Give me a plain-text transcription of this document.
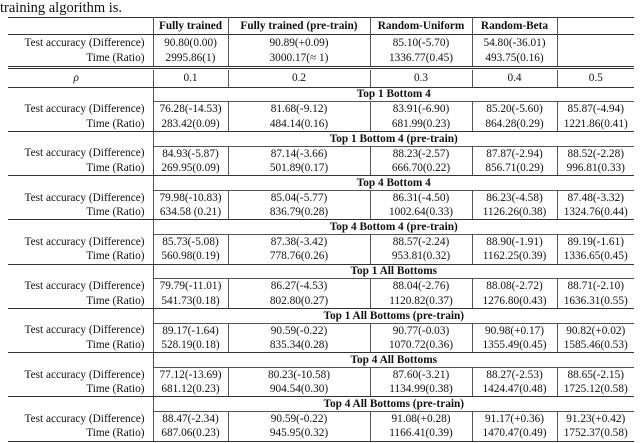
training algorithm is.
	Fully trained	Fully trained (pre-train)	Random-Uniform	Random-Beta	
Test accuracy (Difference)	90.80(0.00)	90.89(+0.09)	85.10(-5.70)	54.80(-36.01)	
Time (Ratio)	2995.86(1)	3000.17(≈ 1)	1336.77(0.45)	493.75(0.16)	
ρ	0.1	0.2	0.3	0.4	0.5
	Top 1 Bottom 4				
Test accuracy (Difference)	76.28(-14.53)	81.68(-9.12)	83.91(-6.90)	85.20(-5.60)	85.87(-4.94)
Time (Ratio)	283.42(0.09)	484.14(0.16)	681.99(0.23)	864.28(0.29)	1221.86(0.41)
	Top 1 Bottom 4 (pre-train)				
Test accuracy (Difference)	84.93(-5.87)	87.14(-3.66)	88.23(-2.57)	87.87(-2.94)	88.52(-2.28)
Time (Ratio)	269.95(0.09)	501.89(0.17)	666.70(0.22)	856.71(0.29)	996.81(0.33)
	Top 4 Bottom 4				
Test accuracy (Difference)	79.98(-10.83)	85.04(-5.77)	86.31(-4.50)	86.23(-4.58)	87.48(-3.32)
Time (Ratio)	634.58 (0.21)	836.79(0.28)	1002.64(0.33)	1126.26(0.38)	1324.76(0.44)
	Top 4 Bottom 4 (pre-train)				
Test accuracy (Difference)	85.73(-5.08)	87.38(-3.42)	88.57(-2.24)	88.90(-1.91)	89.19(-1.61)
Time (Ratio)	560.98(0.19)	778.76(0.26)	953.81(0.32)	1162.25(0.39)	1336.65(0.45)
	Top 1 All Bottoms				
Test accuracy (Difference)	79.79(-11.01)	86.27(-4.53)	88.04(-2.76)	88.08(-2.72)	88.71(-2.10)
Time (Ratio)	541.73(0.18)	802.80(0.27)	1120.82(0.37)	1276.80(0.43)	1636.31(0.55)
	Top 1 All Bottoms (pre-train)				
Test accuracy (Difference)	89.17(-1.64)	90.59(-0.22)	90.77(-0.03)	90.98(+0.17)	90.82(+0.02)
Time (Ratio)	528.19(0.18)	835.34(0.28)	1070.72(0.36)	1355.49(0.45)	1585.46(0.53)
	Top 4 All Bottoms				
Test accuracy (Difference)	77.12(-13.69)	80.23(-10.58)	87.60(-3.21)	88.27(-2.53)	88.65(-2.15)
Time (Ratio)	681.12(0.23)	904.54(0.30)	1134.99(0.38)	1424.47(0.48)	1725.12(0.58)
	Top 4 All Bottoms (pre-train)				
Test accuracy (Difference)	88.47(-2.34)	90.59(-0.22)	91.08(+0.28)	91.17(+0.36)	91.23(+0.42)
Time (Ratio)	687.06(0.23)	945.95(0.32)	1166.41(0.39)	1470.47(0.49)	1752.37(0.58)
